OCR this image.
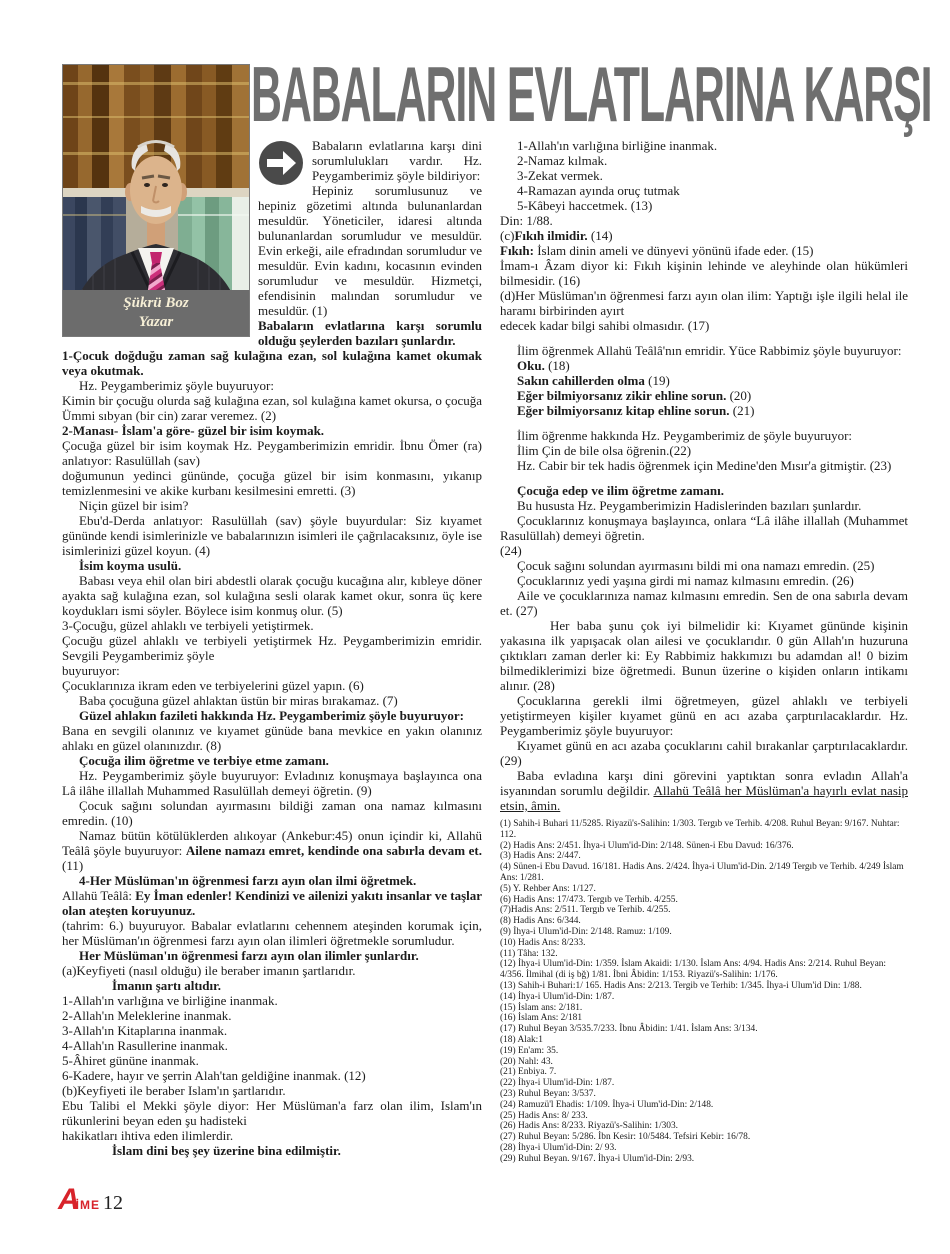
BABALARIN EVLATLARINA KARŞI
Şükrü Boz
Yazar

Babaların evlatlarına karşı dini sorumlulukları vardır. Hz. Peygamberimiz şöyle bildiriyor:

Hepiniz sorumlusunuz ve hepiniz gözetimi altında bulunanlardan mesuldür. Yöneticiler, idaresi altında bulunanlardan sorumludur ve mesuldür. Evin erkeği, aile efradından sorumludur ve mesuldür. Evin kadını, kocasının evinden sorumludur ve mesuldür. Hizmetçi, efendisinin malından sorumludur ve mesuldür. (1)

Babaların evlatlarına karşı sorumlu olduğu şeylerden bazıları şunlardır.

1-Çocuk doğduğu zaman sağ kulağına ezan, sol kulağına kamet okumak veya okutmak.

Hz. Peygamberimiz şöyle buyuruyor:

Kimin bir çocuğu olurda sağ kulağına ezan, sol kulağına kamet okursa, o çocuğa Ümmi sıbyan (bir cin) zarar veremez. (2)

2-Manası- İslam'a göre- güzel bir isim koymak.

Çocuğa güzel bir isim koymak Hz. Peygamberimizin emridir. İbnu Ömer (ra) anlatıyor: Rasulüllah (sav)

doğumunun yedinci gününde, çocuğa güzel bir isim konmasını, yıkanıp temizlenmesini ve akike kurbanı kesilmesini emretti. (3)

Niçin güzel bir isim?

Ebu'd-Derda anlatıyor: Rasulüllah (sav) şöyle buyurdular: Siz kıyamet gününde kendi isimlerinizle ve babalarınızın isimleri ile çağrılacaksınız, öyle ise isimlerinizi güzel koyun. (4)

İsim koyma usulü.

Babası veya ehil olan biri abdestli olarak çocuğu kucağına alır, kıbleye döner ayakta sağ kulağına ezan, sol kulağına sesli olarak kamet okur, sonra üç kere koydukları ismi söyler. Böylece isim konmuş olur. (5)

3-Çocuğu, güzel ahlaklı ve terbiyeli yetiştirmek.

Çocuğu güzel ahlaklı ve terbiyeli yetiştirmek Hz. Peygamberimizin emridir. Sevgili Peygamberimiz şöyle

buyuruyor:

Çocuklarınıza ikram eden ve terbiyelerini güzel yapın. (6)

Baba çocuğuna güzel ahlaktan üstün bir miras bırakamaz. (7)

Güzel ahlakın fazileti hakkında Hz. Peygamberimiz şöyle buyuruyor:

Bana en sevgili olanınız ve kıyamet günüde bana mevkice en yakın olanınız ahlakı en güzel olanınızdır. (8)

Çocuğa ilim öğretme ve terbiye etme zamanı.

Hz. Peygamberimiz şöyle buyuruyor: Evladınız konuşmaya başlayınca ona Lâ ilâhe illallah Muhammed Rasulüllah demeyi öğretin. (9)

Çocuk sağını solundan ayırmasını bildiği zaman ona namaz kılmasını emredin. (10)

Namaz bütün kötülüklerden alıkoyar (Ankebur:45) onun içindir ki, Allahü Teâlâ şöyle buyuruyor: Ailene namazı emret, kendinde ona sabırla devam et. (11)

4-Her Müslüman'ın öğrenmesi farzı ayın olan ilmi öğretmek.

Allahü Teâlâ: Ey İman edenler! Kendinizi ve ailenizi yakıtı insanlar ve taşlar olan ateşten koruyunuz.

(tahrim: 6.) buyuruyor. Babalar evlatlarını cehennem ateşinden korumak için, her Müslüman'ın öğrenmesi farzı ayın olan ilimleri öğretmekle sorumludur.

Her Müslüman'ın öğrenmesi farzı ayın olan ilimler şunlardır.

(a)Keyfiyeti (nasıl olduğu) ile beraber imanın şartlarıdır.

İmanın şartı altıdır.

1-Allah'ın varlığına ve birliğine inanmak.

2-Allah'ın Meleklerine inanmak.

3-Allah'ın Kitaplarına inanmak.

4-Allah'ın Rasullerine inanmak.

5-Âhiret gününe inanmak.

6-Kadere, hayır ve şerrin Alah'tan geldiğine inanmak. (12)

(b)Keyfiyeti ile beraber Islam'ın şartlarıdır.

Ebu Talibi el Mekki şöyle diyor: Her Müslüman'a farz olan ilim, Islam'ın rükunlerini beyan eden şu hadisteki

hakikatları ihtiva eden ilimlerdir.

İslam dini beş şey üzerine bina edilmiştir.

1-Allah'ın varlığına birliğine inanmak.

2-Namaz kılmak.

3-Zekat vermek.

4-Ramazan ayında oruç tutmak

5-Kâbeyi haccetmek. (13)

Din: 1/88.

(c)Fıkıh ilmidir. (14)

Fıkıh: İslam dinin ameli ve dünyevi yönünü ifade eder. (15)

İmam-ı Âzam diyor ki: Fıkıh kişinin lehinde ve aleyhinde olan hükümleri bilmesidir. (16)

(d)Her Müslüman'ın öğrenmesi farzı ayın olan ilim: Yaptığı işle ilgili helal ile haramı birbirinden ayırt

edecek kadar bilgi sahibi olmasıdır. (17)

İlim öğrenmek Allahü Teâlâ'nın emridir. Yüce Rabbimiz şöyle buyuruyor:

Oku. (18)

Sakın cahillerden olma (19)

Eğer bilmiyorsanız zikir ehline sorun. (20)

Eğer bilmiyorsanız kitap ehline sorun. (21)

İlim öğrenme hakkında Hz. Peygamberimiz de şöyle buyuruyor:

İlim Çin de bile olsa öğrenin.(22)

Hz. Cabir bir tek hadis öğrenmek için Medine'den Mısır'a gitmiştir. (23)

Çocuğa edep ve ilim öğretme zamanı.

Bu hususta Hz. Peygamberimizin Hadislerinden bazıları şunlardır.

Çocuklarınız konuşmaya başlayınca, onlara “Lâ ilâhe illallah (Muhammet Rasulüllah) demeyi öğretin.

(24)

Çocuk sağını solundan ayırmasını bildi mi ona namazı emredin. (25)

Çocuklarınız yedi yaşına girdi mi namaz kılmasını emredin. (26)

Aile ve çocuklarınıza namaz kılmasını emredin. Sen de ona sabırla devam et. (27)

Her baba şunu çok iyi bilmelidir ki: Kıyamet gününde kişinin yakasına ilk yapışacak olan ailesi ve çocuklarıdır. 0 gün Allah'ın huzuruna çıktıkları zaman derler ki: Ey Rabbimiz hakkımızı bu adamdan al! 0 bizim bilmediklerimizi bize öğretmedi. Bunun üzerine o kişiden onların intikamı alınır. (28)

Çocuklarına gerekli ilmi öğretmeyen, güzel ahlaklı ve terbiyeli yetiştirmeyen kişiler kıyamet günü en acı azaba çarptırılacaklardır. Hz. Peygamberimiz şöyle buyuruyor:

Kıyamet günü en acı azaba çocuklarını cahil bırakanlar çarptırılacaklardır. (29)

Baba evladına karşı dini görevini yaptıktan sonra evladın Allah'a isyanından sorumlu değildir. Allahü Teâlâ her Müslüman'a hayırlı evlat nasip etsin, âmin.

(1) Sahih-i Buhari 11/5285. Riyazü's-Salihin: 1/303. Tergıb ve Terhib. 4/208. Ruhul Beyan: 9/167. Nuhtar: 112.

(2) Hadis Ans: 2/451. İhya-i Ulum'id-Din: 2/148. Sünen-i Ebu Davud: 16/376.

(3) Hadis Ans: 2/447.

(4) Sünen-i Ebu Davud. 16/181. Hadis Ans. 2/424. İhya-i Ulum'id-Din. 2/149 Tergıb ve Terhib. 4/249 İslam Ans: 1/281.

(5) Y. Rehber Ans: 1/127.

(6) Hadis Ans: 17/473. Tergıb ve Terhib. 4/255.

(7)Hadis Ans: 2/511. Tergıb ve Terhib. 4/255.

(8) Hadis Ans: 6/344.

(9) İhya-i Ulum'id-Din: 2/148. Ramuz: 1/109.

(10) Hadis Ans: 8/233.

(11) Tâha: 132.

(12) İhya-i Ulum'id-Din: 1/359. İslam Akaidi: 1/130. İslam Ans: 4/94. Hadis Ans: 2/214. Ruhul Beyan: 4/356. İlmihal (di iş bğ) 1/81. İbni Âbidin: 1/153. Riyazü's-Salihin: 1/176.

(13) Sahih-i Buhari:1/ 165. Hadis Ans: 2/213. Tergib ve Terhib: 1/345. İhya-i Ulum'id Din: 1/88.

(14) İhya-i Ulum'id-Din: 1/87.

(15) İslam ans: 2/181.

(16) İslam Ans: 2/181

(17) Ruhul Beyan 3/535.7/233. İbnu Âbidin: 1/41. İslam Ans: 3/134.

(18) Alak:1

(19) En'am: 35.

(20) Nahl: 43.

(21) Enbiya. 7.

(22) İhya-i Ulum'id-Din: 1/87.

(23) Ruhul Beyan: 3/537.

(24) Ramuzü'l Ehadis: 1/109. İhya-i Ulum'id-Din: 2/148.

(25) Hadis Ans: 8/ 233.

(26) Hadis Ans: 8/233. Riyazü's-Salihin: 1/303.

(27) Ruhul Beyan: 5/286. İbn Kesir: 10/5484. Tefsiri Kebir: 16/78.

(28) İhya-i Ulum'id-Din: 2/ 93.

(29) Ruhul Beyan. 9/167. İhya-i Ulum'id-Din: 2/93.

A
İME 12
